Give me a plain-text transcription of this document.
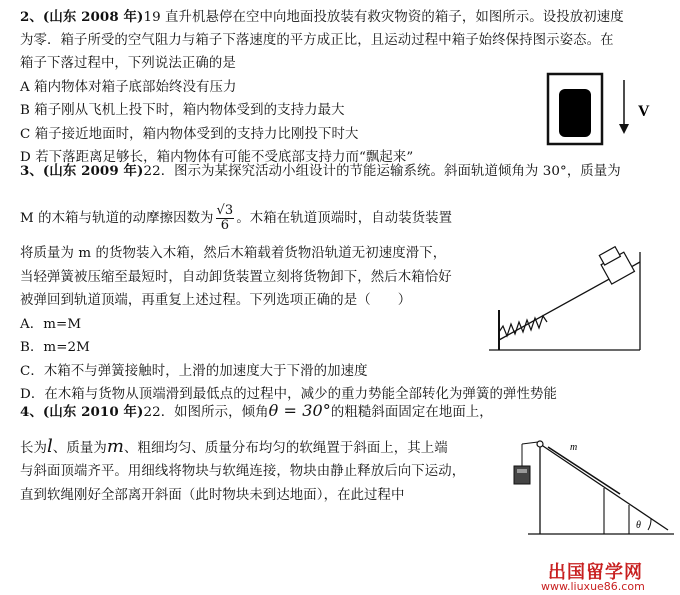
2、(山东 2008 年)19 直升机悬停在空中向地面投放装有救灾物资的箱子，如图所示。设投放初速度
为零．箱子所受的空气阻力与箱子下落速度的平方成正比，且运动过程中箱子始终保持图示姿态。在
箱子下落过程中，下列说法正确的是
A 箱内物体对箱子底部始终没有压力
B 箱子刚从飞机上投下时，箱内物体受到的支持力最大
C 箱子接近地面时，箱内物体受到的支持力比刚投下时大
D 若下落距离足够长，箱内物体有可能不受底部支持力而“飘起来”
V
3、(山东 2009 年)22．图示为某探究活动小组设计的节能运输系统。斜面轨道倾角为 30°，质量为
M 的木箱与轨道的动摩擦因数为 $\frac{√3}{6}$ 。木箱在轨道顶端时，自动装货装置
将质量为 m 的货物装入木箱，然后木箱载着货物沿轨道无初速度滑下，
当轻弹簧被压缩至最短时，自动卸货装置立刻将货物卸下，然后木箱恰好
被弹回到轨道顶端，再重复上述过程。下列选项正确的是（　　）
A．m=M
B．m=2M
C．木箱不与弹簧接触时，上滑的加速度大于下滑的加速度
D．在木箱与货物从顶端滑到最低点的过程中，减少的重力势能全部转化为弹簧的弹性势能
4、(山东 2010 年)22．如图所示，倾角θ = 30°的粗糙斜面固定在地面上，
长为l、质量为m、粗细均匀、质量分布均匀的软绳置于斜面上，其上端
与斜面顶端齐平。用细线将物块与软绳连接，物块由静止释放后向下运动，
直到软绳刚好全部离开斜面（此时物块未到达地面），在此过程中
m
θ
出国留学网
www.liuxue86.com
